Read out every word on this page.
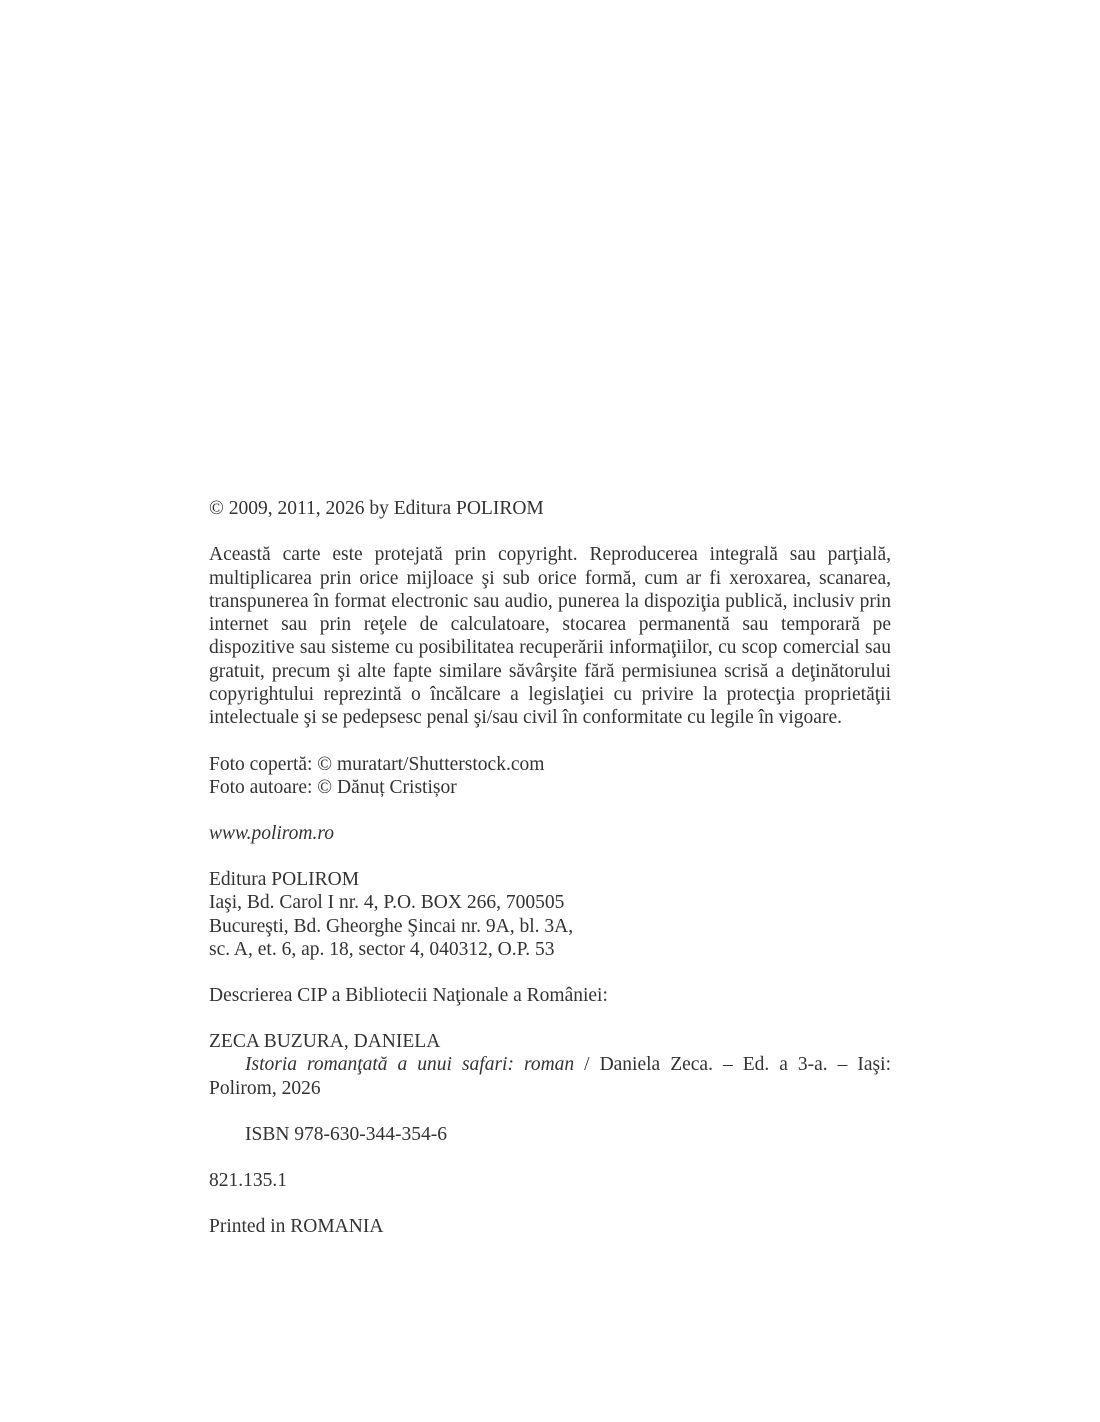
© 2009, 2011, 2026 by Editura POLIROM

Această carte este protejată prin copyright. Reproducerea integrală sau parţială, multiplicarea prin orice mijloace şi sub orice formă, cum ar fi xeroxarea, scanarea, transpunerea în format electronic sau audio, punerea la dispoziţia publică, inclusiv prin internet sau prin reţele de calculatoare, stocarea permanentă sau temporară pe dispozitive sau sisteme cu posibilitatea recuperării informaţiilor, cu scop comercial sau gratuit, precum şi alte fapte similare săvârşite fără permisiunea scrisă a deţinătorului copyrightului reprezintă o încălcare a legislaţiei cu privire la protecţia proprietăţii intelectuale şi se pedepsesc penal şi/sau civil în conformitate cu legile în vigoare.

Foto copertă: © muratart/Shutterstock.com
Foto autoare: © Dănuț Cristișor

www.polirom.ro

Editura POLIROM
Iaşi, Bd. Carol I nr. 4, P.O. BOX 266, 700505
Bucureşti, Bd. Gheorghe Şincai nr. 9A, bl. 3A,
sc. A, et. 6, ap. 18, sector 4, 040312, O.P. 53

Descrierea CIP a Bibliotecii Naţionale a României:

ZECA BUZURA, DANIELA

Istoria romanţată a unui safari: roman / Daniela Zeca. – Ed. a 3-a. – Iaşi: Polirom, 2026

ISBN 978-630-344-354-6

821.135.1

Printed in ROMANIA
